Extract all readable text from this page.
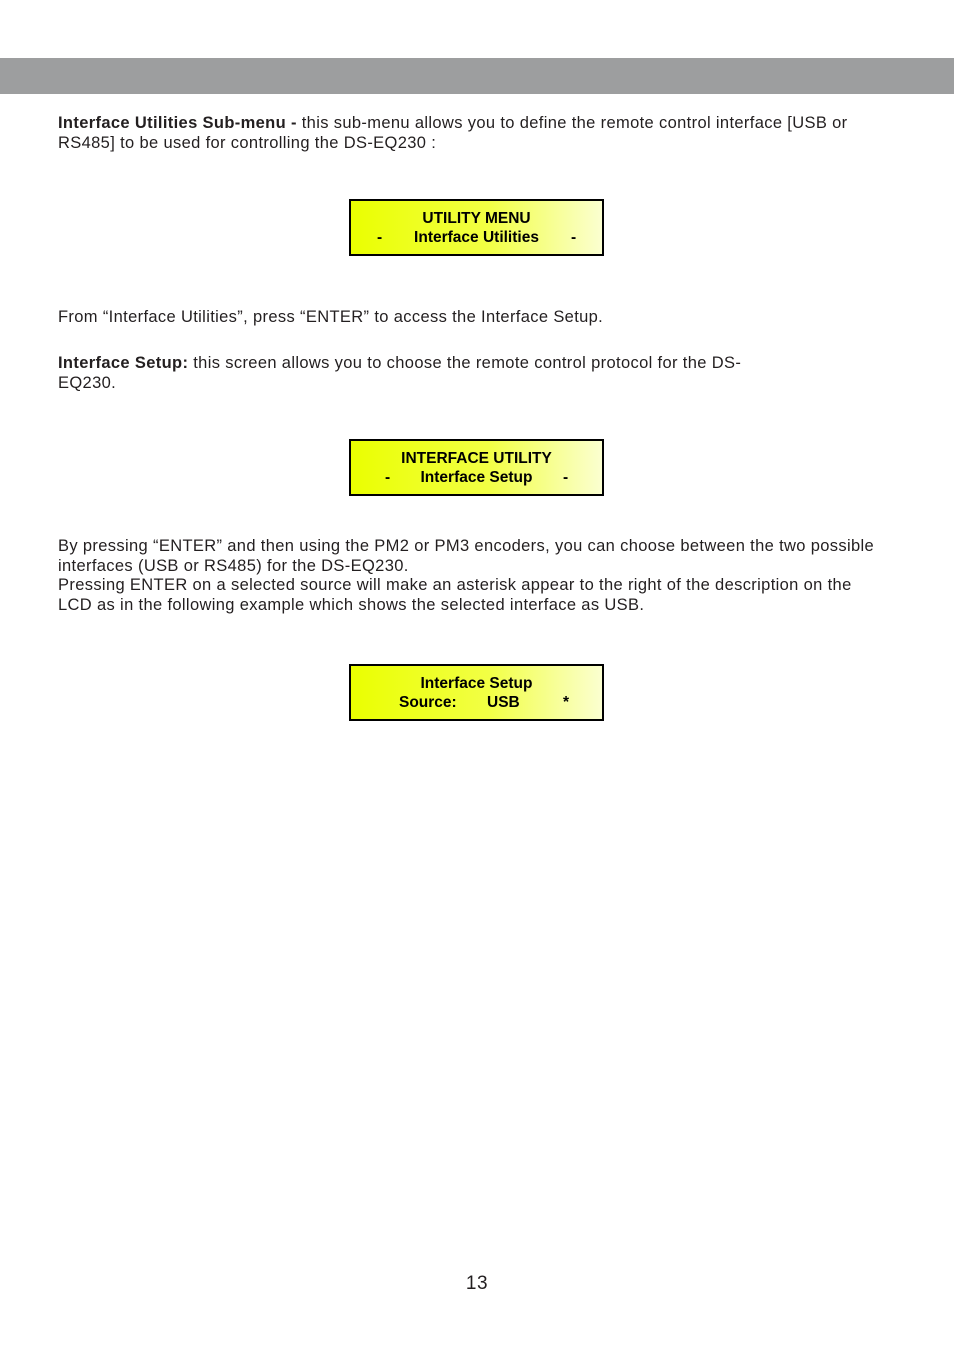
Interface Utilities Sub-menu - this sub-menu allows you to define the remote control interface [USB or RS485] to be used for controlling the DS-EQ230 :

UTILITY MENU

-

	Interface Utilities

	-

From “Interface Utilities”, press “ENTER” to access the Interface Setup.

Interface Setup: this screen allows you to choose the remote control protocol for the DS-EQ230.

INTERFACE UTILITY

-

	Interface Setup

	-

By pressing “ENTER” and then using the PM2 or PM3 encoders, you can choose between the two possible interfaces (USB or RS485) for the DS-EQ230.
Pressing ENTER on a selected source will make an asterisk appear to the right of the description on the LCD as in the following example which shows the selected interface as USB.

Interface Setup

Source:

USB

	*

13
